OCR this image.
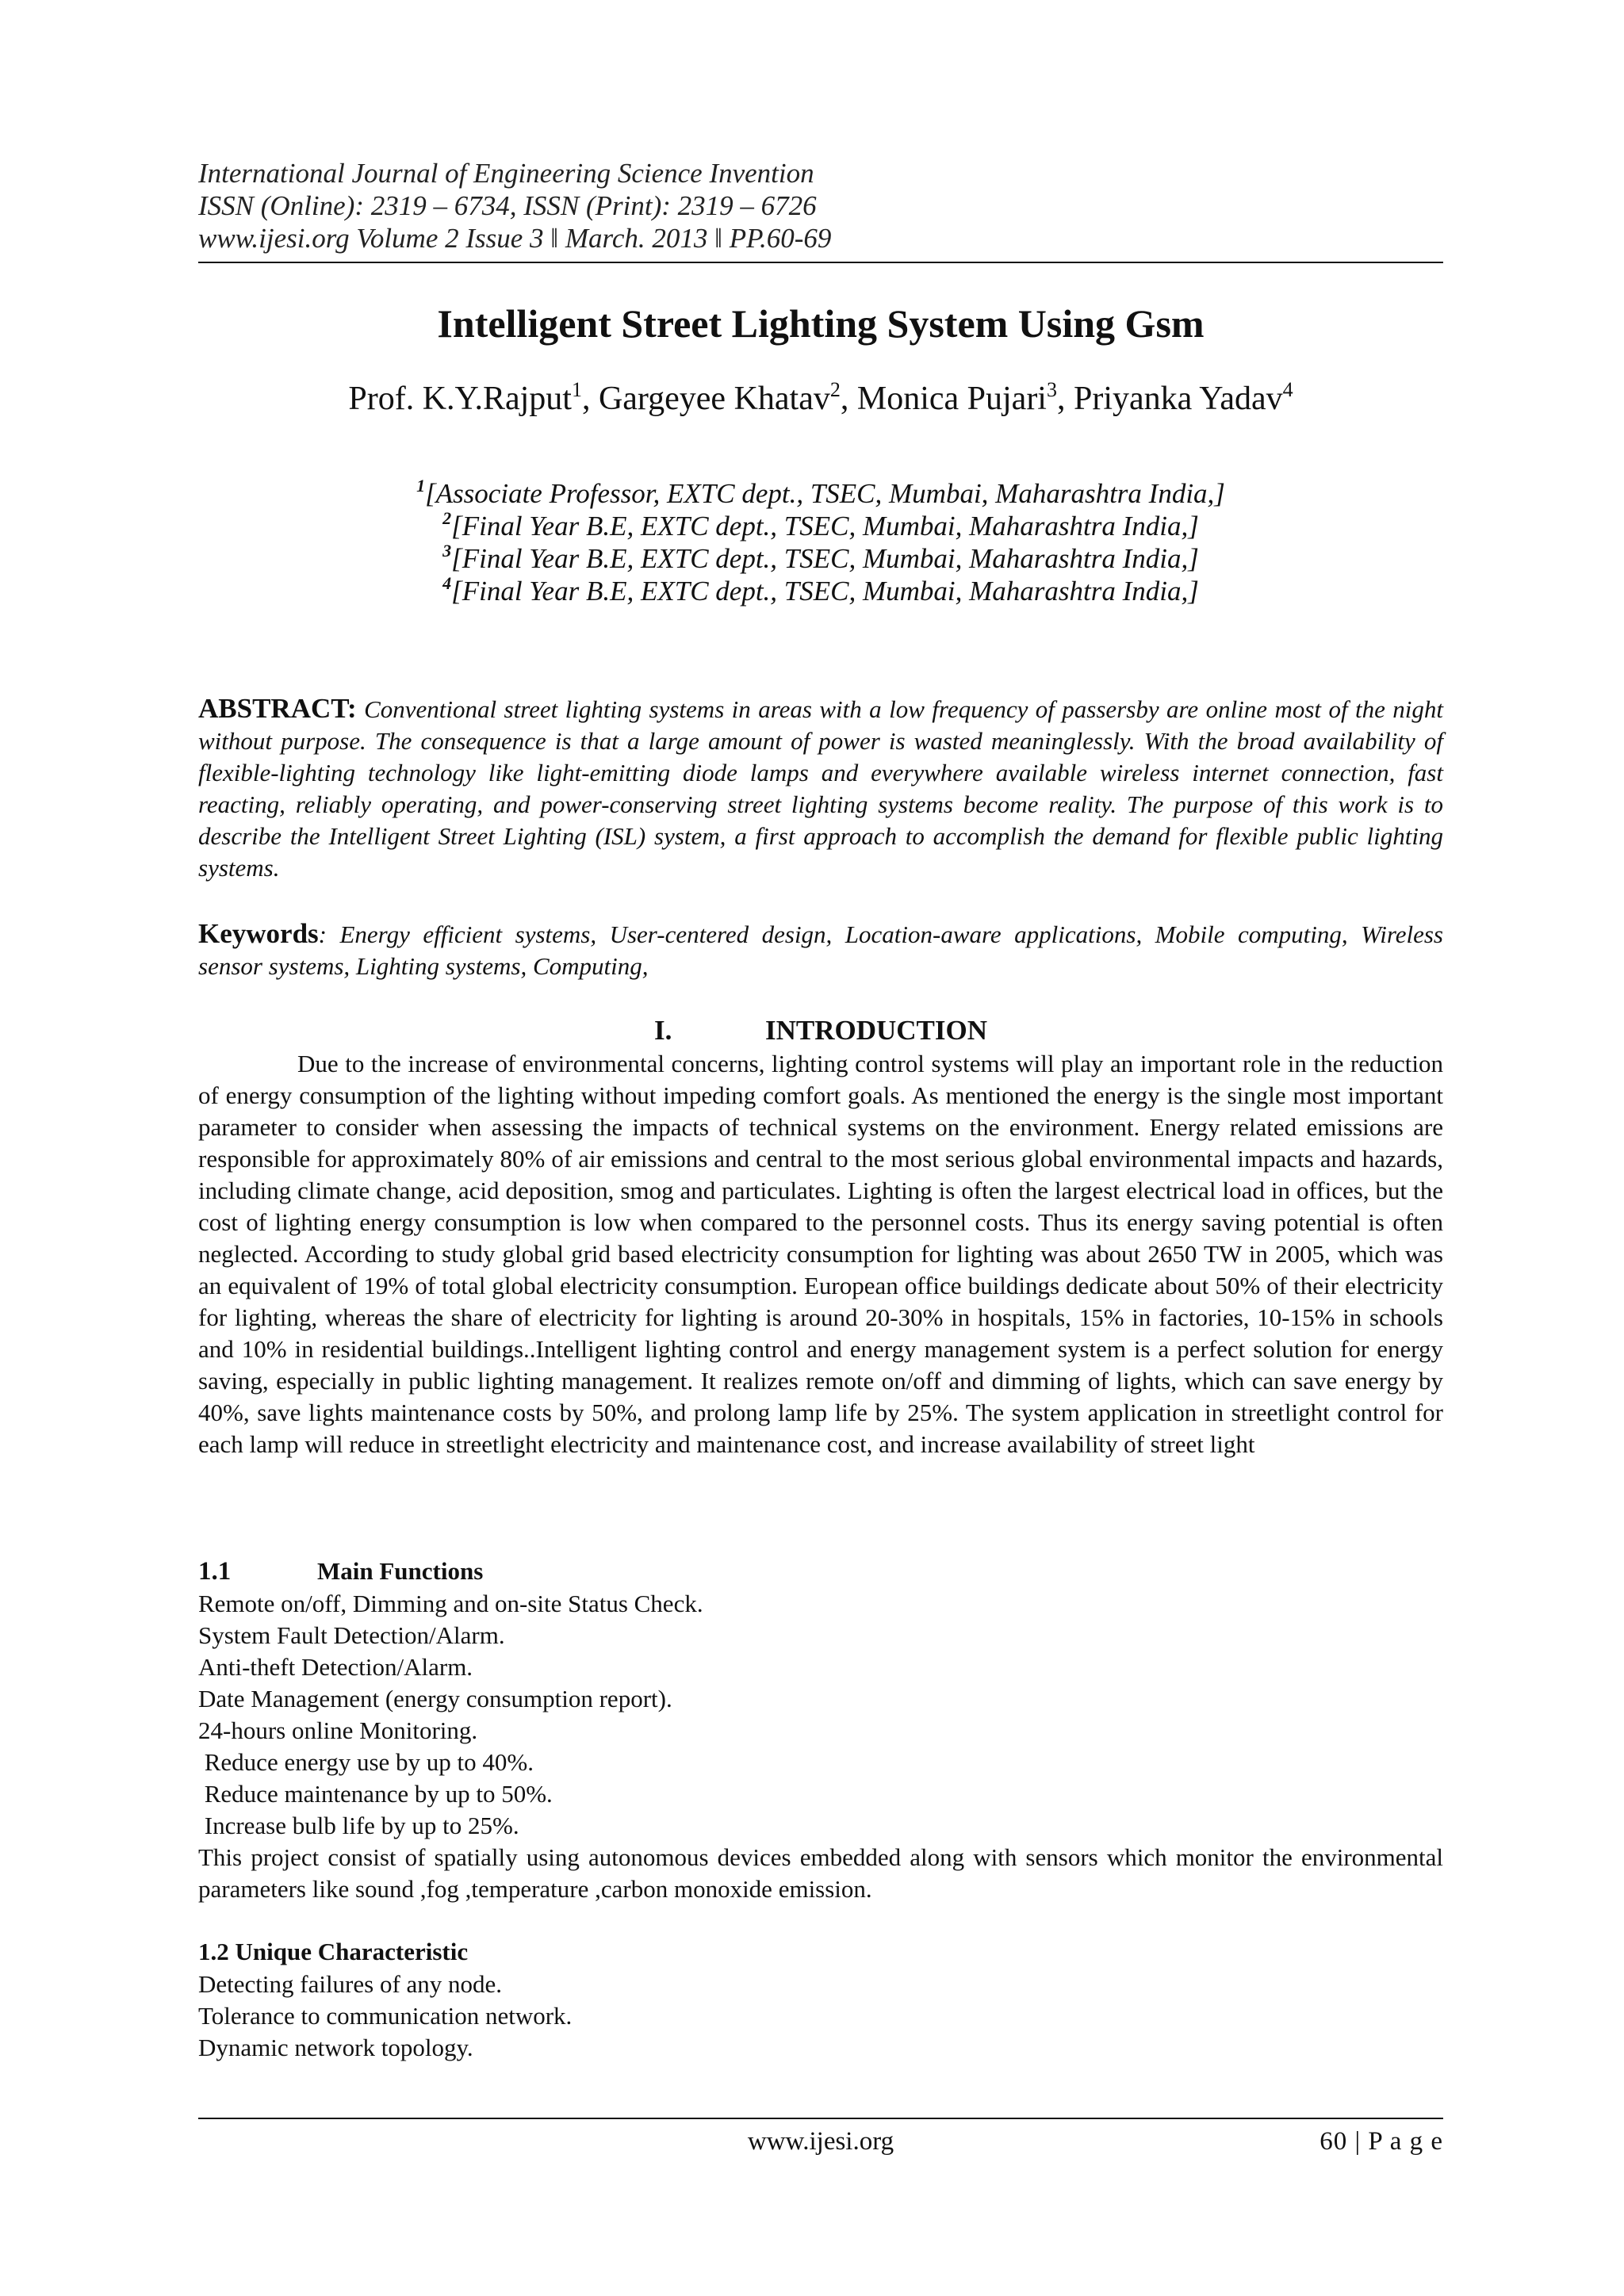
International Journal of Engineering Science Invention
ISSN (Online): 2319 – 6734, ISSN (Print): 2319 – 6726
www.ijesi.org Volume 2 Issue 3 ǁ March. 2013 ǁ PP.60-69
Intelligent Street Lighting System Using Gsm
Prof. K.Y.Rajput$^1$, Gargeyee Khatav$^2$, Monica Pujari$^3$, Priyanka Yadav$^4$
$^1$[Associate Professor, EXTC dept., TSEC, Mumbai, Maharashtra India,]
$^2$[Final Year B.E, EXTC dept., TSEC, Mumbai, Maharashtra India,]
$^3$[Final Year B.E, EXTC dept., TSEC, Mumbai, Maharashtra India,]
$^4$[Final Year B.E, EXTC dept., TSEC, Mumbai, Maharashtra India,]
ABSTRACT: Conventional street lighting systems in areas with a low frequency of passersby are online most of the night without purpose. The consequence is that a large amount of power is wasted meaninglessly. With the broad availability of flexible-lighting technology like light-emitting diode lamps and everywhere available wireless internet connection, fast reacting, reliably operating, and power-conserving street lighting systems become reality. The purpose of this work is to describe the Intelligent Street Lighting (ISL) system, a first approach to accomplish the demand for flexible public lighting systems.
Keywords: Energy efficient systems, User-centered design, Location-aware applications, Mobile computing, Wireless sensor systems, Lighting systems, Computing,
I.	INTRODUCTION
Due to the increase of environmental concerns, lighting control systems will play an important role in the reduction of energy consumption of the lighting without impeding comfort goals. As mentioned the energy is the single most important parameter to consider when assessing the impacts of technical systems on the environment. Energy related emissions are responsible for approximately 80% of air emissions and central to the most serious global environmental impacts and hazards, including climate change, acid deposition, smog and particulates. Lighting is often the largest electrical load in offices, but the cost of lighting energy consumption is low when compared to the personnel costs. Thus its energy saving potential is often neglected. According to study global grid based electricity consumption for lighting was about 2650 TW in 2005, which was an equivalent of 19% of total global electricity consumption. European office buildings dedicate about 50% of their electricity for lighting, whereas the share of electricity for lighting is around 20-30% in hospitals, 15% in factories, 10-15% in schools and 10% in residential buildings..Intelligent lighting control and energy management system is a perfect solution for energy saving, especially in public lighting management. It realizes remote on/off and dimming of lights, which can save energy by 40%, save lights maintenance costs by 50%, and prolong lamp life by 25%. The system application in streetlight control for each lamp will reduce in streetlight electricity and maintenance cost, and increase availability of street light
1.1	Main Functions
Remote on/off, Dimming and on-site Status Check.
System Fault Detection/Alarm.
Anti-theft Detection/Alarm.
Date Management (energy consumption report).
24-hours online Monitoring.
Reduce energy use by up to 40%.
Reduce maintenance by up to 50%.
Increase bulb life by up to 25%.
This project consist of spatially using autonomous devices embedded along with sensors which monitor the environmental parameters like sound ,fog ,temperature ,carbon monoxide emission.
1.2 Unique Characteristic
Detecting failures of any node.
Tolerance to communication network.
Dynamic network topology.
www.ijesi.org	60 | P a g e
